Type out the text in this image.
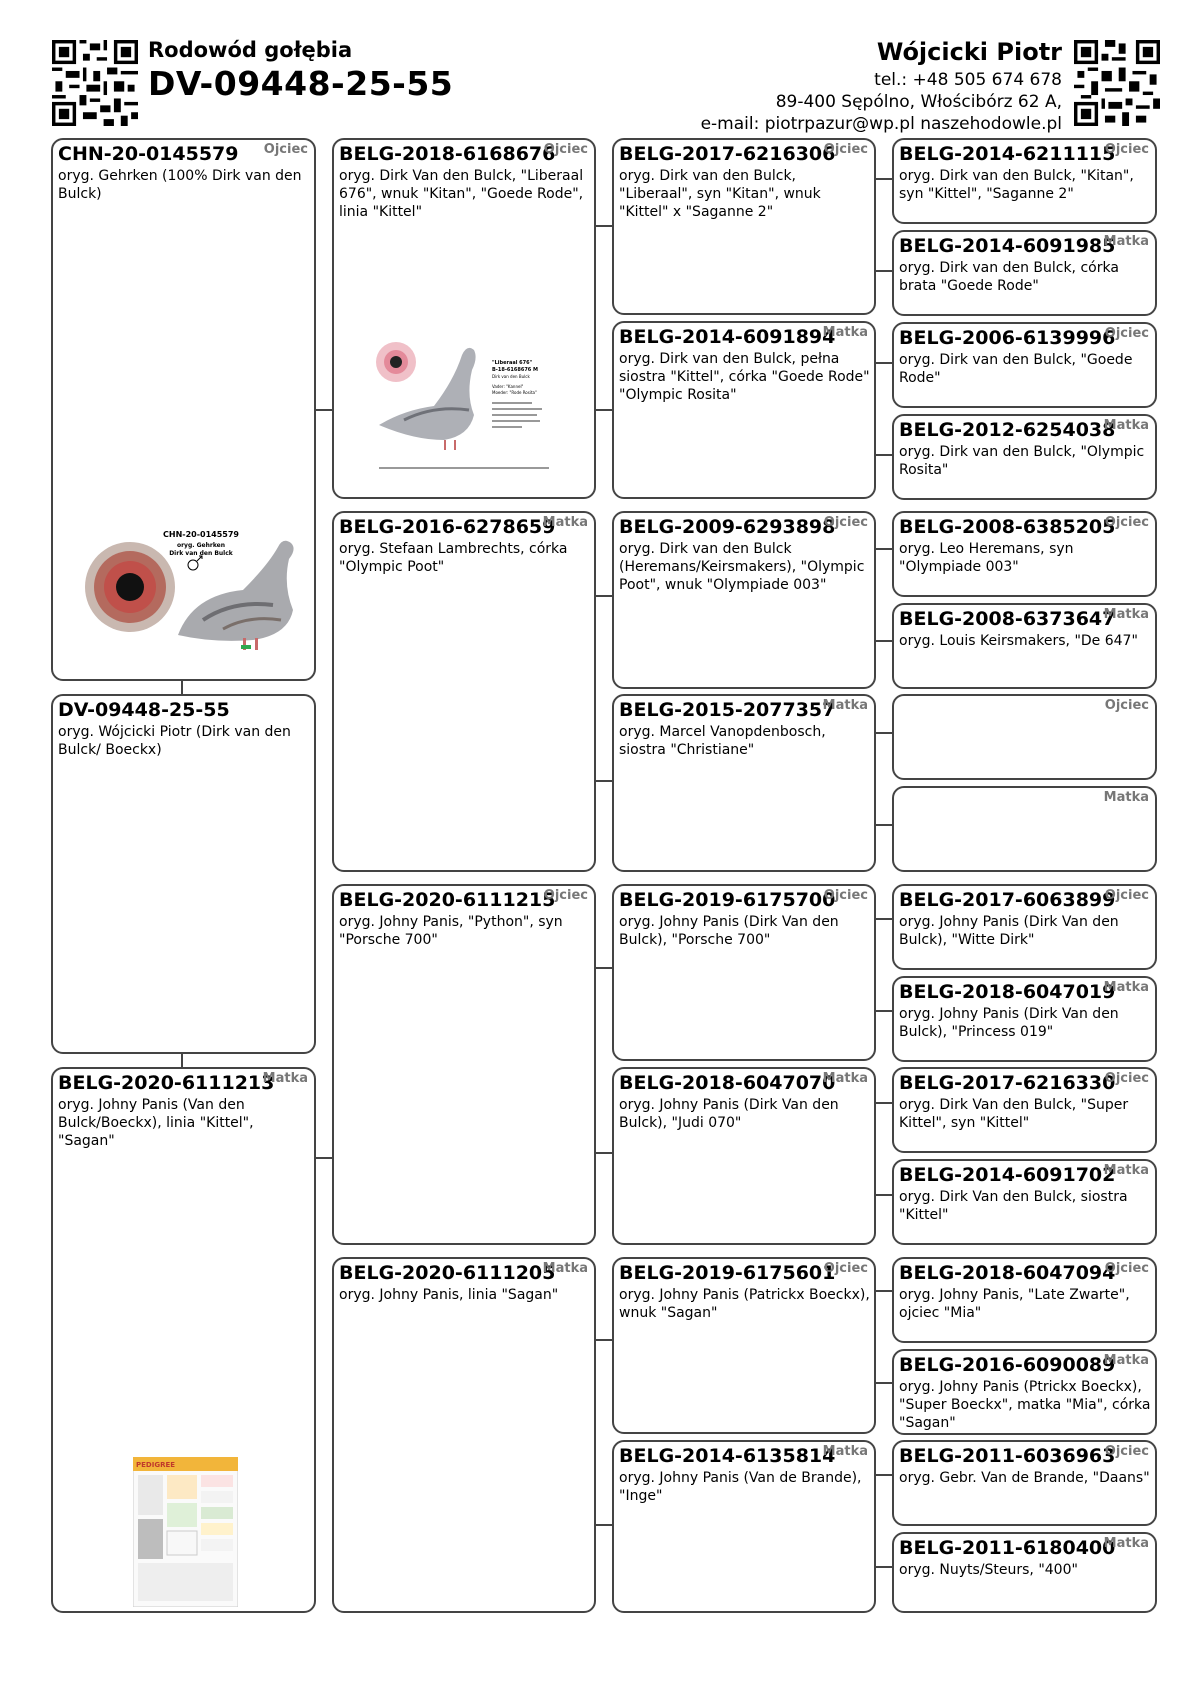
Rodowód gołębia
DV-09448-25-55
Wójcicki Piotr
tel.: +48 505 674 678
89-400 Sępólno, Włościbórz 62 A,
e-mail: piotrpazur@wp.pl naszehodowle.pl
CHN-20-0145579 Ojciec
oryg. Gehrken (100% Dirk van den Bulck)
CHN-20-0145579
oryg. Gehrken
Dirk van den Bulck
DV-09448-25-55
oryg. Wójcicki Piotr (Dirk van den Bulck/ Boeckx)
BELG-2020-6111213
Matka
oryg. Johny Panis (Van den Bulck/Boeckx), linia "Kittel", "Sagan"
PEDIGREE
BELG-2018-6168676
Ojciec
oryg. Dirk Van den Bulck, "Liberaal 676", wnuk "Kitan", "Goede Rode", linia "Kittel"
"Liberaal 676"
B-18-6168676 M
Dirk van den Bulck
Vader: "Kannel"
Moeder: "Rode Rosita"
BELG-2016-6278659
Matka
oryg. Stefaan Lambrechts, córka "Olympic Poot"
BELG-2020-6111215
Ojciec
oryg. Johny Panis, "Python", syn "Porsche 700"
BELG-2020-6111205
Matka
oryg. Johny Panis, linia "Sagan"
BELG-2017-6216306
Ojciec
oryg. Dirk van den Bulck, "Liberaal", syn "Kitan", wnuk "Kittel" x "Saganne 2"
BELG-2014-6091894
Matka
oryg. Dirk van den Bulck, pełna siostra "Kittel", córka "Goede Rode" "Olympic Rosita"
BELG-2009-6293898
Ojciec
oryg. Dirk van den Bulck (Heremans/Keirsmakers), "Olympic Poot", wnuk "Olympiade 003"
BELG-2015-2077357
Matka
oryg. Marcel Vanopdenbosch, siostra "Christiane"
BELG-2019-6175700
Ojciec
oryg. Johny Panis (Dirk Van den Bulck), "Porsche 700"
BELG-2018-6047070
Matka
oryg. Johny Panis (Dirk Van den Bulck), "Judi 070"
BELG-2019-6175601
Ojciec
oryg. Johny Panis (Patrickx Boeckx), wnuk "Sagan"
BELG-2014-6135814
Matka
oryg. Johny Panis (Van de Brande), "Inge"
BELG-2014-6211115
Ojciec
oryg. Dirk van den Bulck, "Kitan", syn "Kittel", "Saganne 2"
BELG-2014-6091985
Matka
oryg. Dirk van den Bulck, córka brata "Goede Rode"
BELG-2006-6139996
Ojciec
oryg. Dirk van den Bulck, "Goede Rode"
BELG-2012-6254038
Matka
oryg. Dirk van den Bulck, "Olympic Rosita"
BELG-2008-6385205
Ojciec
oryg. Leo Heremans, syn "Olympiade 003"
BELG-2008-6373647
Matka
oryg. Louis Keirsmakers, "De 647"
Ojciec
Matka
BELG-2017-6063899
Ojciec
oryg. Johny Panis (Dirk Van den Bulck), "Witte Dirk"
BELG-2018-6047019
Matka
oryg. Johny Panis (Dirk Van den Bulck), "Princess 019"
BELG-2017-6216330
Ojciec
oryg. Dirk Van den Bulck, "Super Kittel", syn "Kittel"
BELG-2014-6091702
Matka
oryg. Dirk Van den Bulck, siostra "Kittel"
BELG-2018-6047094
Ojciec
oryg. Johny Panis, "Late Zwarte", ojciec "Mia"
BELG-2016-6090089
Matka
oryg. Johny Panis (Ptrickx Boeckx), "Super Boeckx", matka "Mia", córka "Sagan"
BELG-2011-6036963
Ojciec
oryg. Gebr. Van de Brande, "Daans"
BELG-2011-6180400
Matka
oryg. Nuyts/Steurs, "400"
